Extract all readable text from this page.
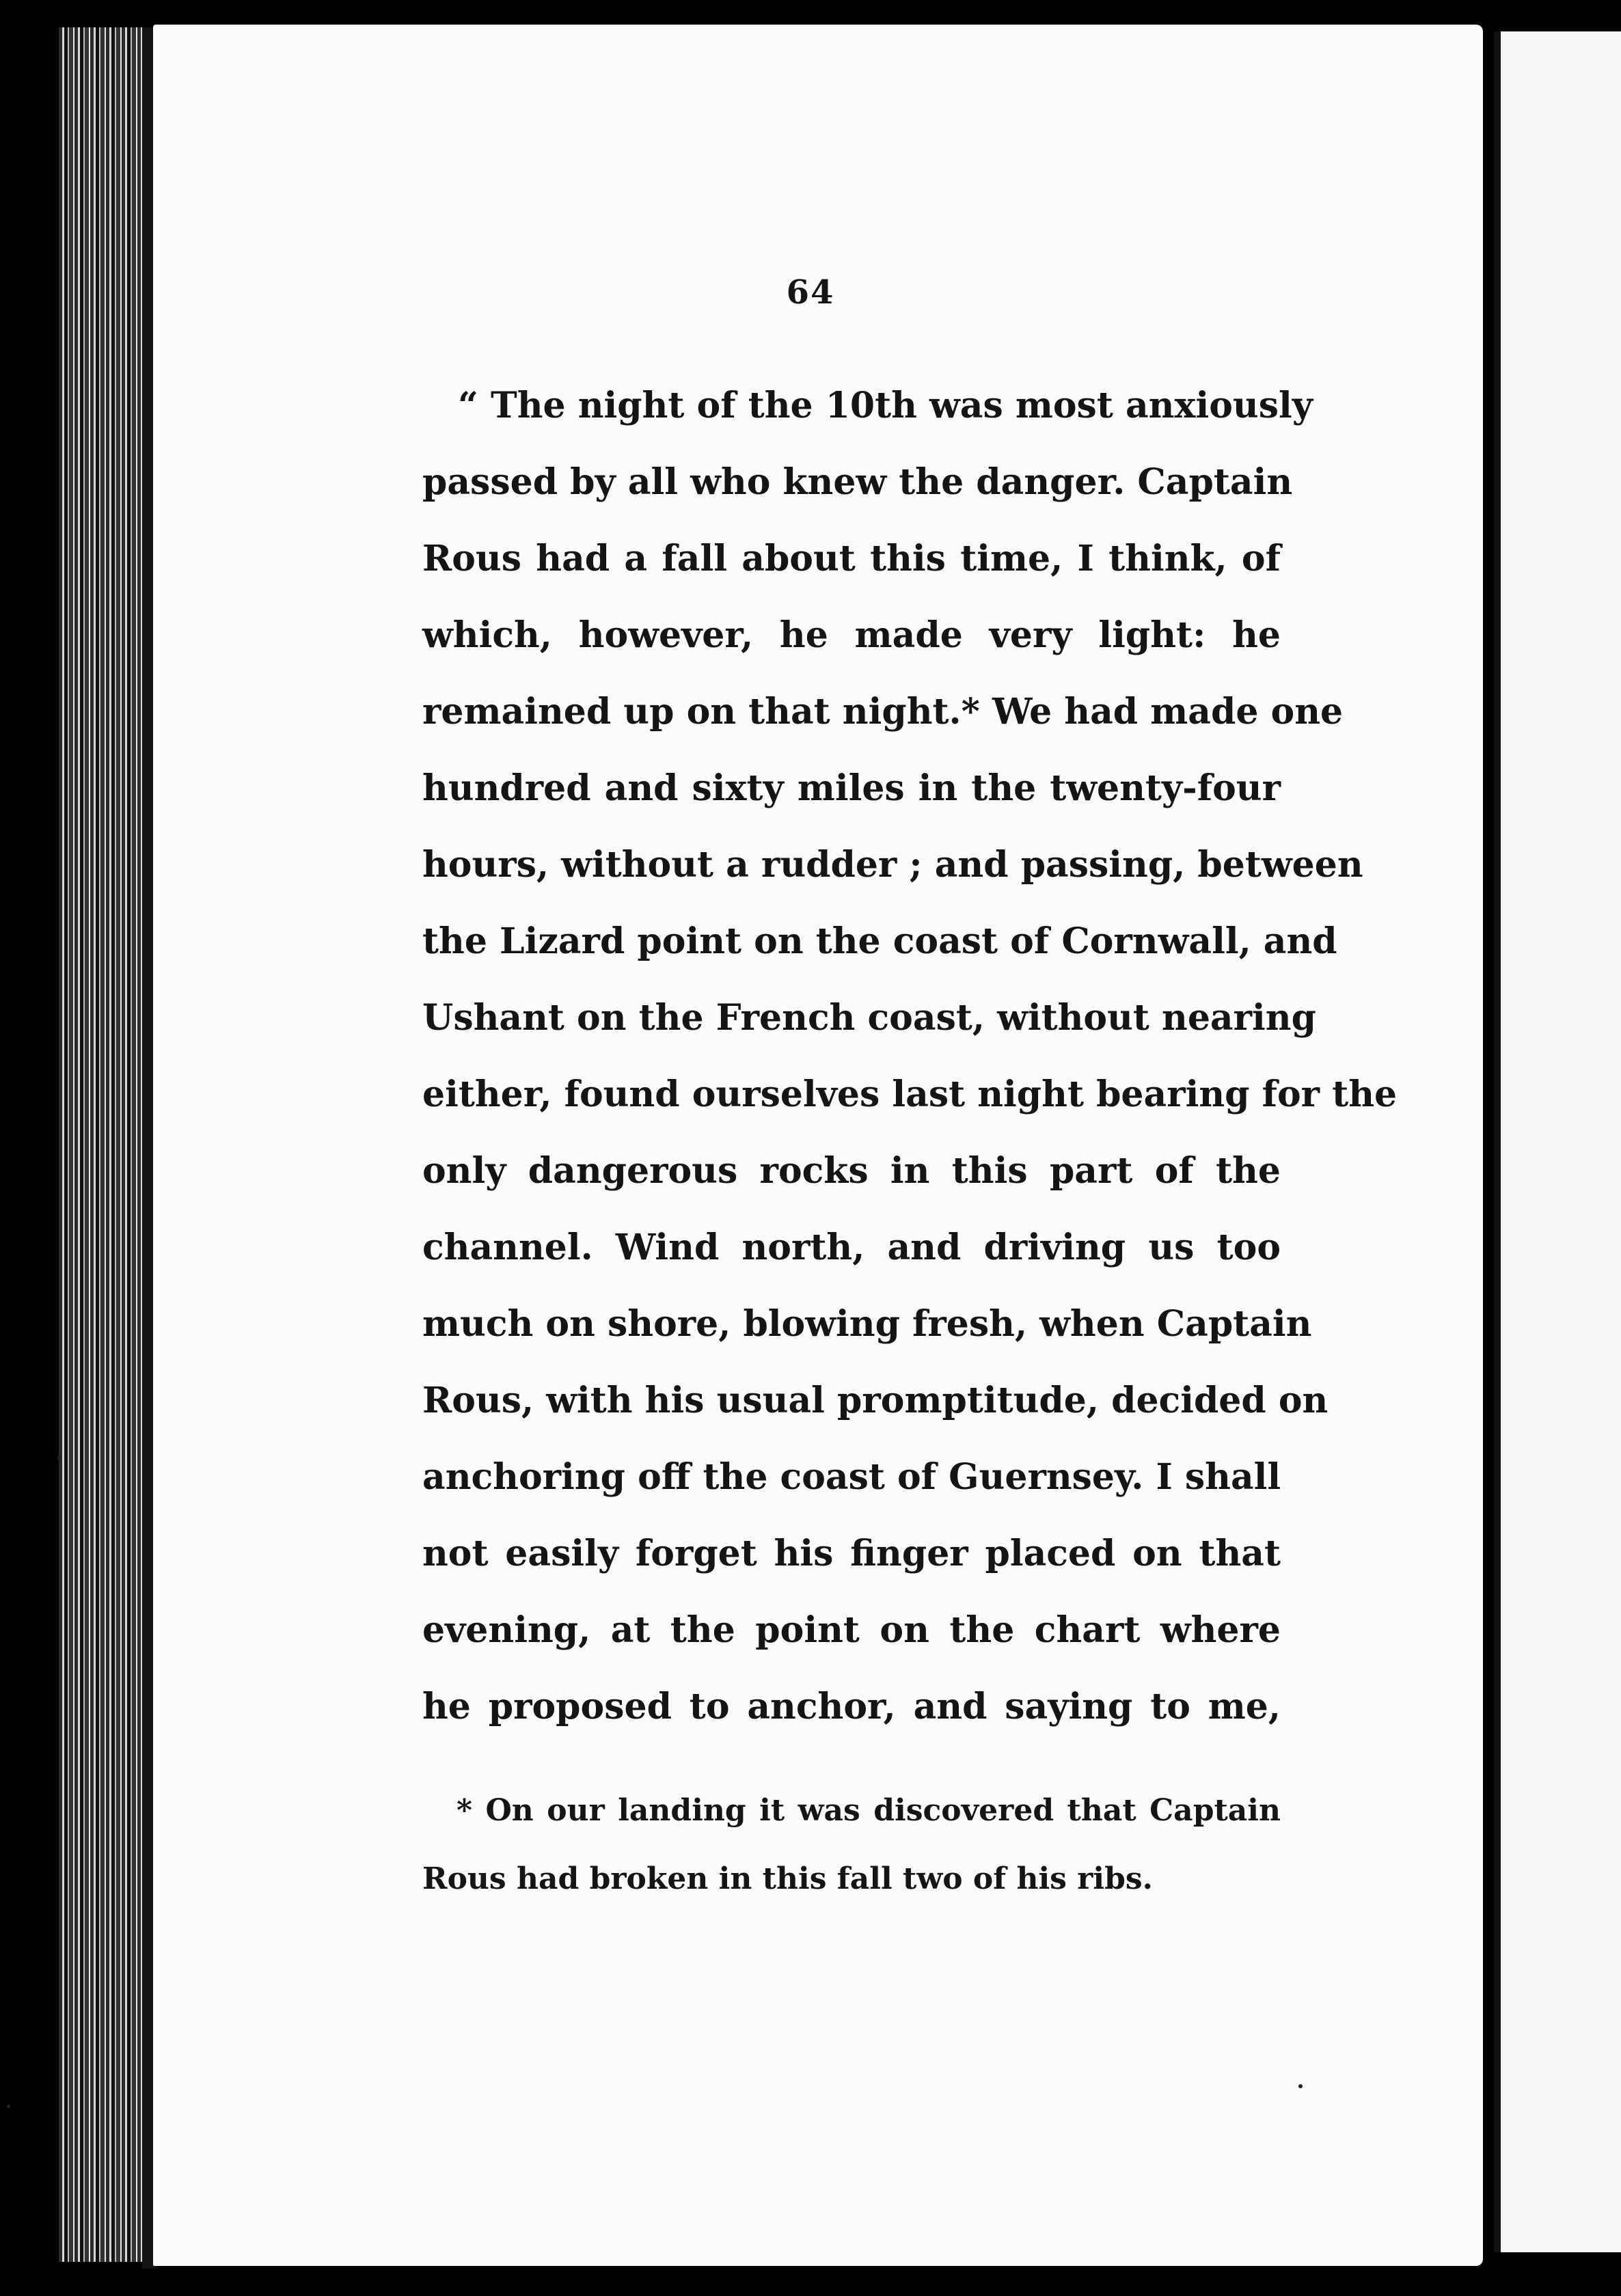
64
“ The night of the 10th was most anxiously
passed by all who knew the danger. Captain
Rous had a fall about this time, I think, of
which, however, he made very light: he
remained up on that night.* We had made one
hundred and sixty miles in the twenty-four
hours, without a rudder ; and passing, between
the Lizard point on the coast of Cornwall, and
Ushant on the French coast, without nearing
either, found ourselves last night bearing for the
only dangerous rocks in this part of the
channel. Wind north, and driving us too
much on shore, blowing fresh, when Captain
Rous, with his usual promptitude, decided on
anchoring off the coast of Guernsey. I shall
not easily forget his finger placed on that
evening, at the point on the chart where
he proposed to anchor, and saying to me,
* On our landing it was discovered that Captain
Rous had broken in this fall two of his ribs.
